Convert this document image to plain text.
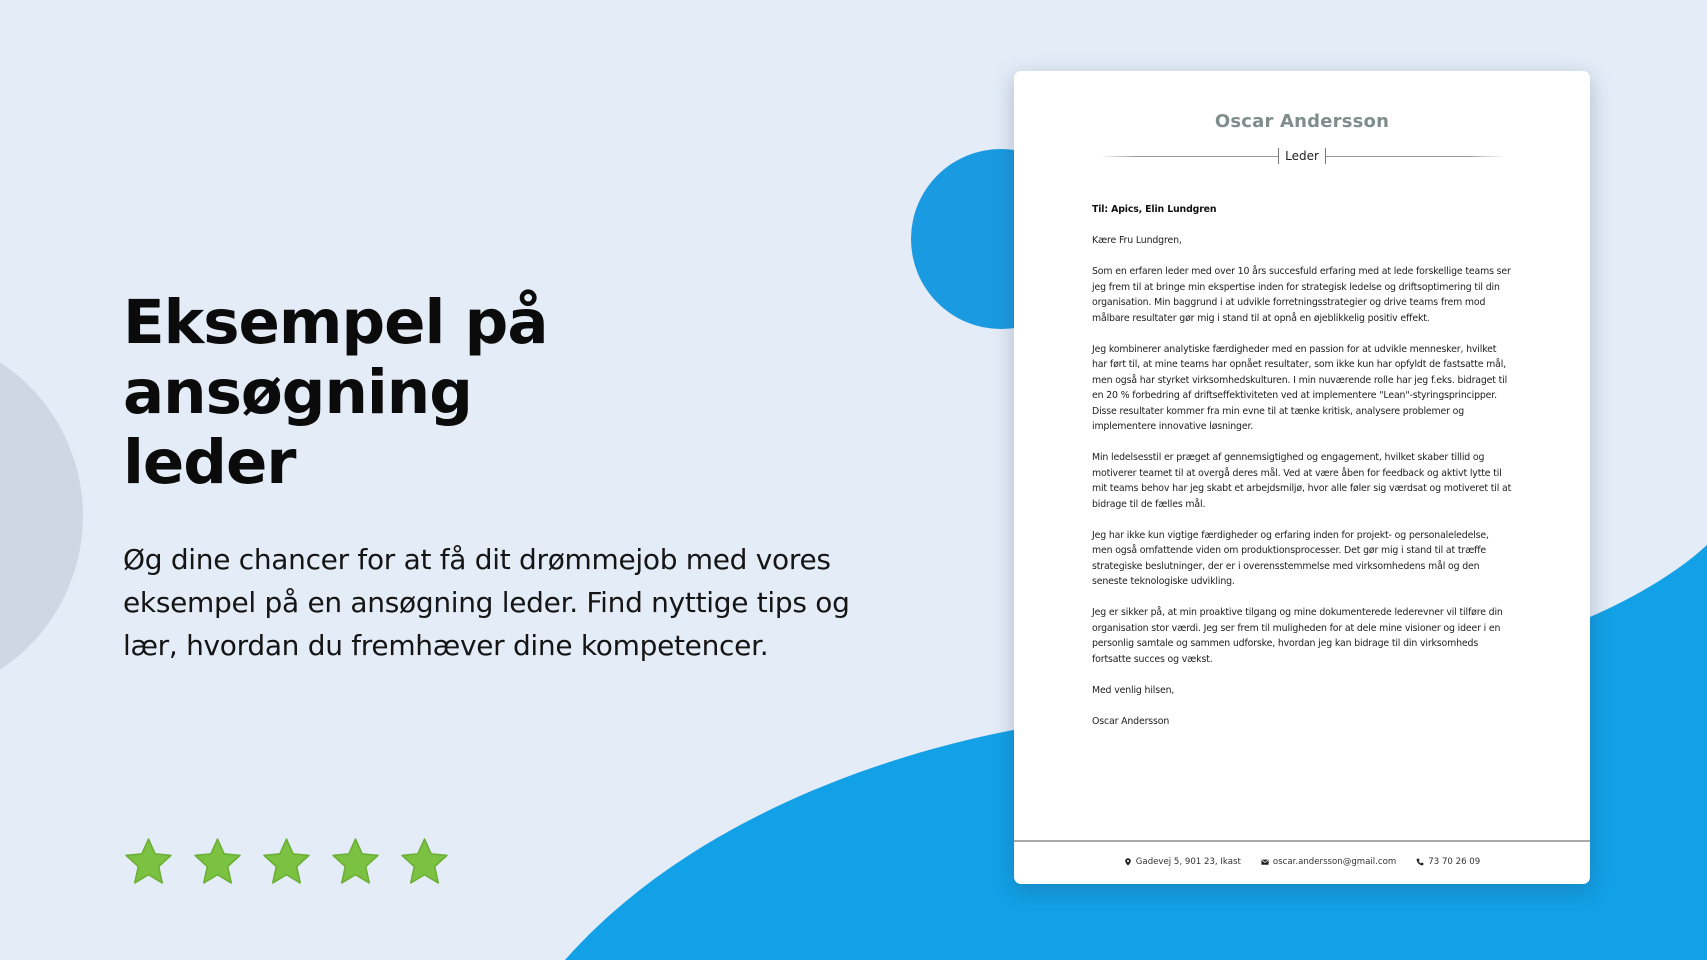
Eksempel på ansøgning
leder

Øg dine chancer for at få dit drømmejob med vores eksempel på en ansøgning leder. Find nyttige tips og lær, hvordan du fremhæver dine kompetencer.

Oscar Andersson
Leder

Til: Apics, Elin Lundgren

Kære Fru Lundgren,

Som en erfaren leder med over 10 års succesfuld erfaring med at lede forskellige teams ser jeg frem til at bringe min ekspertise inden for strategisk ledelse og driftsoptimering til din organisation. Min baggrund i at udvikle forretningsstrategier og drive teams frem mod målbare resultater gør mig i stand til at opnå en øjeblikkelig positiv effekt.

Jeg kombinerer analytiske færdigheder med en passion for at udvikle mennesker, hvilket har ført til, at mine teams har opnået resultater, som ikke kun har opfyldt de fastsatte mål, men også har styrket virksomhedskulturen. I min nuværende rolle har jeg f.eks. bidraget til en 20 % forbedring af driftseffektiviteten ved at implementere "Lean"-styringsprincipper. Disse resultater kommer fra min evne til at tænke kritisk, analysere problemer og implementere innovative løsninger.

Min ledelsesstil er præget af gennemsigtighed og engagement, hvilket skaber tillid og motiverer teamet til at overgå deres mål. Ved at være åben for feedback og aktivt lytte til mit teams behov har jeg skabt et arbejdsmiljø, hvor alle føler sig værdsat og motiveret til at bidrage til de fælles mål.

Jeg har ikke kun vigtige færdigheder og erfaring inden for projekt- og personaleledelse, men også omfattende viden om produktionsprocesser. Det gør mig i stand til at træffe strategiske beslutninger, der er i overensstemmelse med virksomhedens mål og den seneste teknologiske udvikling.

Jeg er sikker på, at min proaktive tilgang og mine dokumenterede lederevner vil tilføre din organisation stor værdi. Jeg ser frem til muligheden for at dele mine visioner og ideer i en personlig samtale og sammen udforske, hvordan jeg kan bidrage til din virksomheds fortsatte succes og vækst.

Med venlig hilsen,

Oscar Andersson

Gadevej 5, 901 23, Ikast	oscar.andersson@gmail.com	73 70 26 09
